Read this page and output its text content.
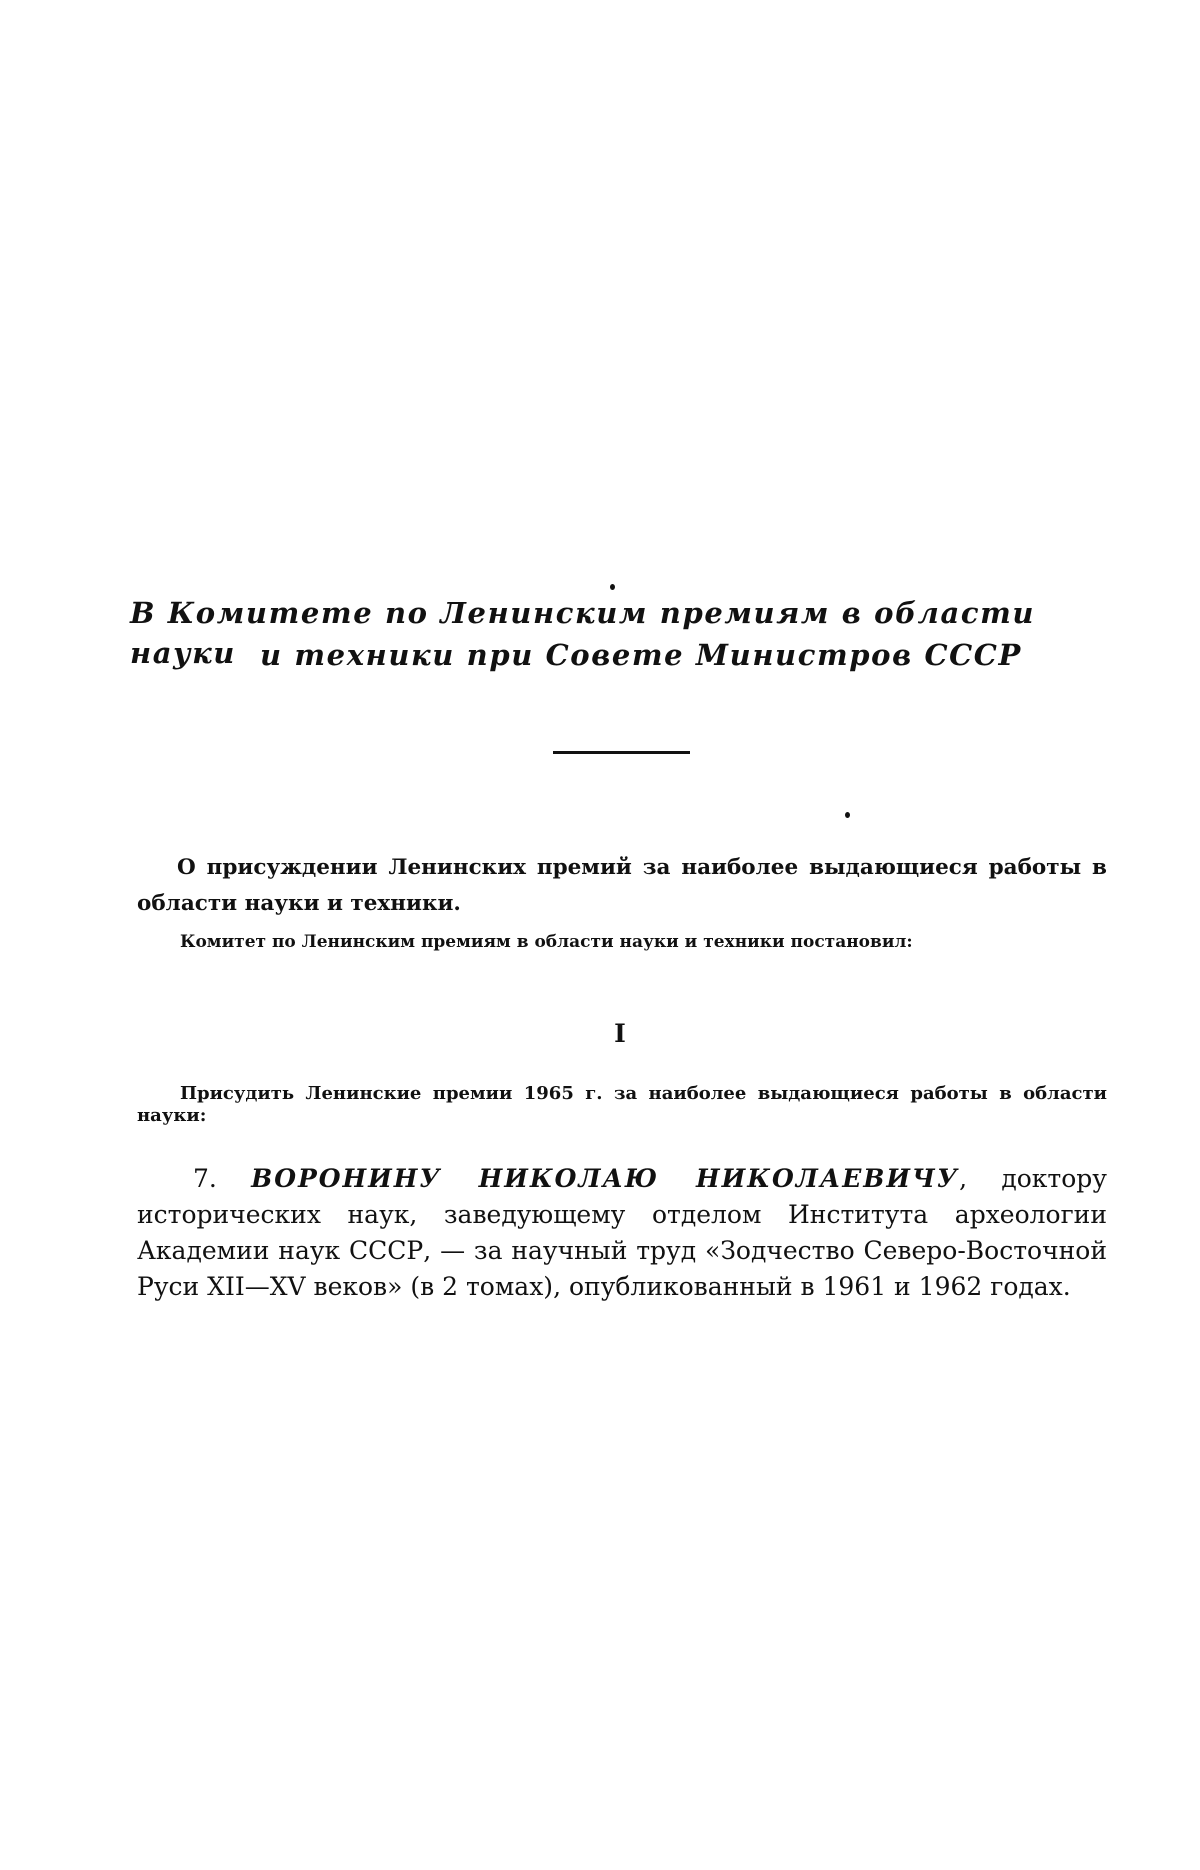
В Комитете по Ленинским премиям в области науки и техники при Совете Министров СССР

О присуждении Ленинских премий за наиболее выдающиеся работы в области науки и техники.

Комитет по Ленинским премиям в области науки и техники постановил:

I

Присудить Ленинские премии 1965 г. за наиболее выдающиеся работы в области науки:

7. ВОРОНИНУ НИКОЛАЮ НИКОЛАЕВИЧУ, доктору исторических наук, заведующему отделом Института археологии Академии наук СССР, — за научный труд «Зодчество Северо-Восточной Руси XII—XV веков» (в 2 томах), опубликованный в 1961 и 1962 годах.
